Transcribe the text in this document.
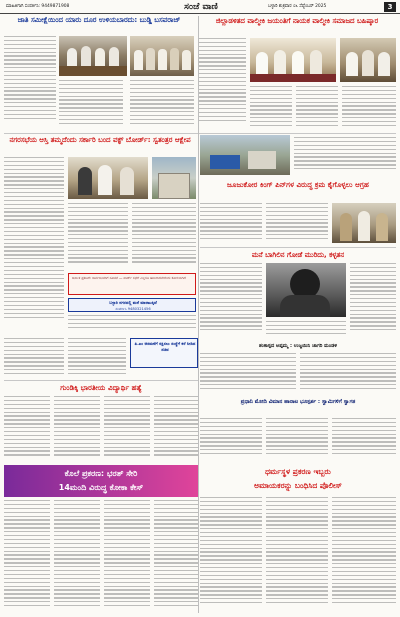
ಮಾಹಿತಿಗಾಗಿ ಸಂಪರ್ಕಿಸಿ: 9449871908	ಸಂಜೆ ವಾಣಿ	ಬಳ್ಳಾರಿ ಶುಕ್ರವಾರ ೦೬ ಸೆಪ್ಟೆಂಬರ್ 2025	3
ಜಾತಿ ಸಮೀಕ್ಷೆಯಿಂದ ಯಾರು ದೂರ ಉಳಿಯಬಾರದು: ಬುಡ್ಡಿ ಬಸವರಾಜ್	ಜಿಲ್ಲಾಡಳಿತದ ವಾಲ್ಮೀಕಿ ಜಯಂತಿಗೆ ನಾಯಕ ವಾಲ್ಮೀಕಿ ಸಮಾಜದ ಬಹಿಷ್ಕಾರ
ನಗರಸಭೆಯ ಆಸ್ತಿ ತಮ್ಮದೆಂದು ಸರ್ಕಾರಿ ಬಂದ ವಕ್ಫ್ ಬೋರ್ಡ್: ಸ್ವತಂತ್ರರ ಆಕ್ಷೇಪ
ದಿನಾಂಕ ಪ್ರಕಟಣೆ: ಸಾರ್ವಜನಿಕರಿಗೆ ಸೂಚನೆ — ವಾರ್ಡ್ ಸಭೆಗೆ ಎಲ್ಲರೂ ಹಾಜರಾಗಬೇಕೆಂದು ಕೋರಲಾಗಿದೆ
ಬಳ್ಳಾರಿ ನಗರದಲ್ಲಿ ಮನೆ ಮಾರಾಟಕ್ಕಿದೆ
ಸಂಪರ್ಕಿಸಿ 9480321456
ಜೂಜುಕೋರ ಕಿಂಗ್ ಪಿನ್‌ಗಳ ವಿರುದ್ಧ ಕ್ರಮ ಕೈಗೊಳ್ಳಲು ಆಗ್ರಹ
ಮನೆ ಬಾಗಿಲಿನ ಗೋಡೆ ಮುರಿದು, ಕಳ್ಳತನ
ಪಿ.ಎಂ ಆಸಮನೆಗೆ ರಕ್ಷಿಸಲು ಸಂಸ್ಥೆಗೆ ಕರೆ ನೀಡಿದ ಸಚಿವ
ಶಂಕಾಸ್ಪದ ಅಪ್ಪಮ್ಮ : ಉಜ್ಜಯಿನಿ ಜಾಗರಿ ಮಂಡಳಿ
ಗುಂಡಿಕ್ಕಿ ಭಾರತೀಯ ವಿದ್ಯಾರ್ಥಿ ಹತ್ಯೆ
ಪ್ರಧಾನಿ ಮೋದಿ ವಿಮಾನ ಹಾರಾಟ ಭೂಸ್ಪರ್ಶ : ಸ್ವಾಮಿಗಳಿಗೆ ಸ್ವಾಗತ
ಕೊಲೆ ಪ್ರಕರಣ: ಭರತ್ ಸೇರಿ
14ಮಂದಿ ವಿರುದ್ಧ ಕೋಕಾ ಕೇಸ್
ಧರ್ಮಸ್ಥಳ ಪ್ರಕರಣ ಇಬ್ಬರು
ಅಮಾಯಕರನ್ನು ಬಂಧಿಸಿದ ಪೊಲೀಸ್
